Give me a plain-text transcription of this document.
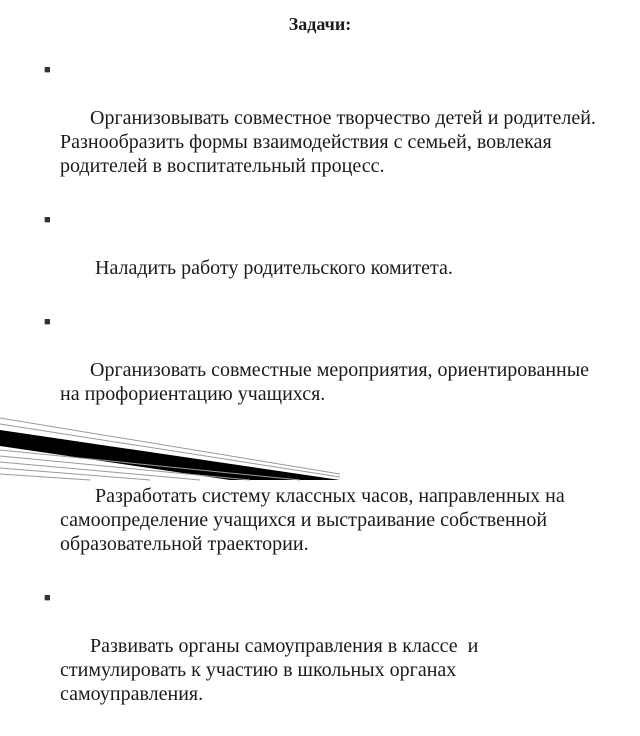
Задачи:

■

Организовывать совместное творчество детей и родителей. Разнообразить формы взаимодействия с семьей, вовлекая  родителей в воспитательный процесс.

■

Наладить работу родительского комитета.

■

Организовать совместные мероприятия, ориентированные на профориентацию учащихся.

Разработать систему классных часов, направленных на самоопределение учащихся и выстраивание собственной образовательной траектории.

■

Развивать органы самоуправления в классе  и стимулировать к участию в школьных органах самоуправления.
